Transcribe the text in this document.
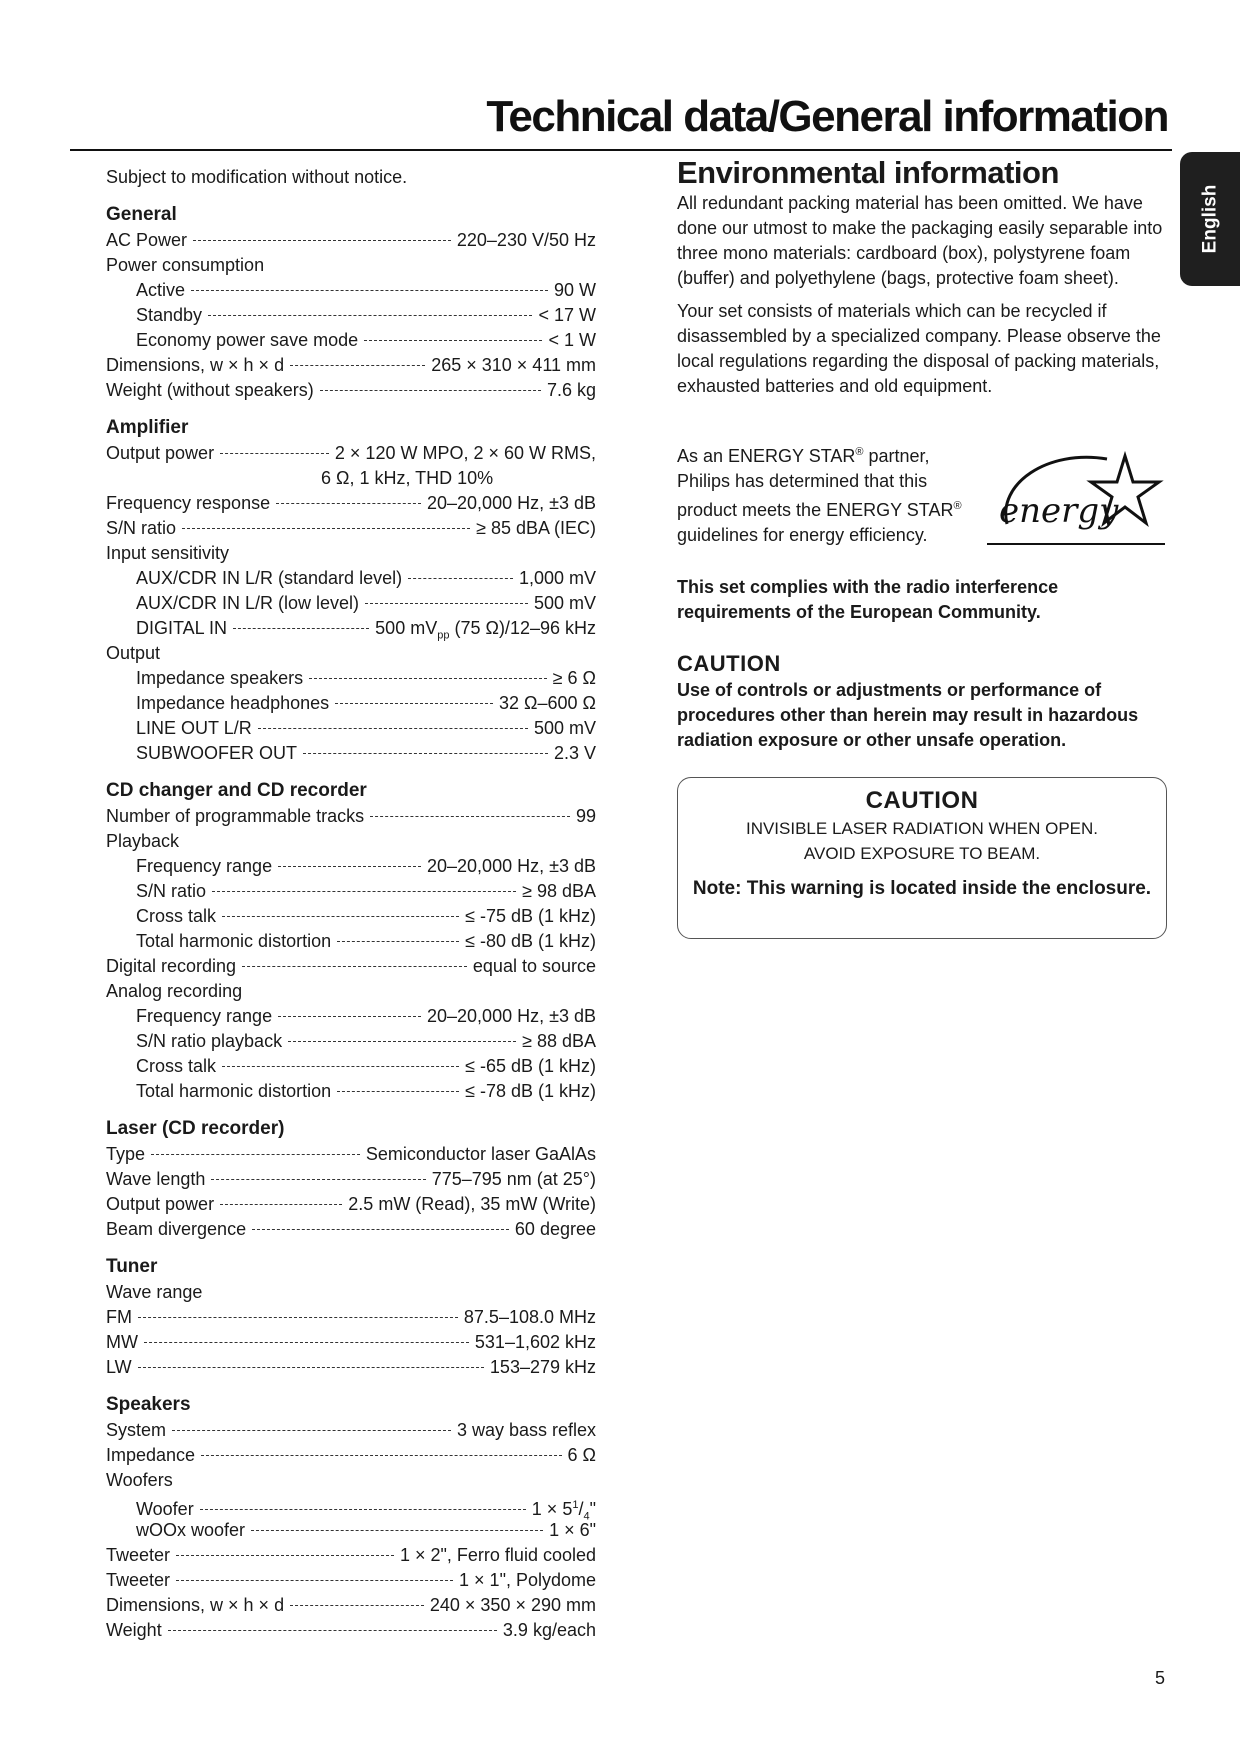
Technical data/General information
English
Subject to modification without notice.
General
AC Power	220–230 V/50 Hz
Power consumption
Active	90 W
Standby	< 17 W
Economy power save mode	< 1 W
Dimensions, w × h × d	265 × 310 × 411 mm
Weight (without speakers)	7.6 kg
Amplifier
Output power	2 × 120 W MPO, 2 × 60 W RMS,
6 Ω, 1 kHz, THD 10%
Frequency response	20–20,000 Hz, ±3 dB
S/N ratio	≥ 85 dBA (IEC)
Input sensitivity
AUX/CDR IN L/R (standard level)	1,000 mV
AUX/CDR IN L/R (low level)	500 mV
DIGITAL IN	500 $mV_{pp}$ (75 Ω)/12–96 kHz
Output
Impedance speakers	≥ 6 Ω
Impedance headphones	32 Ω–600 Ω
LINE OUT L/R	500 mV
SUBWOOFER OUT	2.3 V
CD changer and CD recorder
Number of programmable tracks	99
Playback
Frequency range	20–20,000 Hz, ±3 dB
S/N ratio	≥ 98 dBA
Cross talk	≤ -75 dB (1 kHz)
Total harmonic distortion	≤ -80 dB (1 kHz)
Digital recording	equal to source
Analog recording
Frequency range	20–20,000 Hz, ±3 dB
S/N ratio playback	≥ 88 dBA
Cross talk	≤ -65 dB (1 kHz)
Total harmonic distortion	≤ -78 dB (1 kHz)
Laser (CD recorder)
Type	Semiconductor laser GaAlAs
Wave length	775–795 nm (at 25°)
Output power	2.5 mW (Read), 35 mW (Write)
Beam divergence	60 degree
Tuner
Wave range
FM	87.5–108.0 MHz
MW	531–1,602 kHz
LW	153–279 kHz
Speakers
System	3 way bass reflex
Impedance	6 Ω
Woofers
Woofer	$1 \times 5^1/_4$"
wOOx woofer	1 × 6"
Tweeter	1 × 2", Ferro fluid cooled
Tweeter	1 × 1", Polydome
Dimensions, w × h × d	240 × 350 × 290 mm
Weight	3.9 kg/each
Environmental information

All redundant packing material has been omitted. We have done our utmost to make the packaging easily separable into three mono materials: cardboard (box), polystyrene foam (buffer) and polyethylene (bags, protective foam sheet).

Your set consists of materials which can be recycled if disassembled by a specialized company. Please observe the local regulations regarding the disposal of packing materials, exhausted batteries and old equipment.

As an ENERGY STAR® partner, Philips has determined that this product meets the ENERGY STAR® guidelines for energy efficiency.
energy
This set complies with the radio interference requirements of the European Community.
CAUTION
Use of controls or adjustments or performance of procedures other than herein may result in hazardous radiation exposure or other unsafe operation.
CAUTION
INVISIBLE LASER RADIATION WHEN OPEN.
AVOID EXPOSURE TO BEAM.
Note: This warning is located inside the enclosure.
5
